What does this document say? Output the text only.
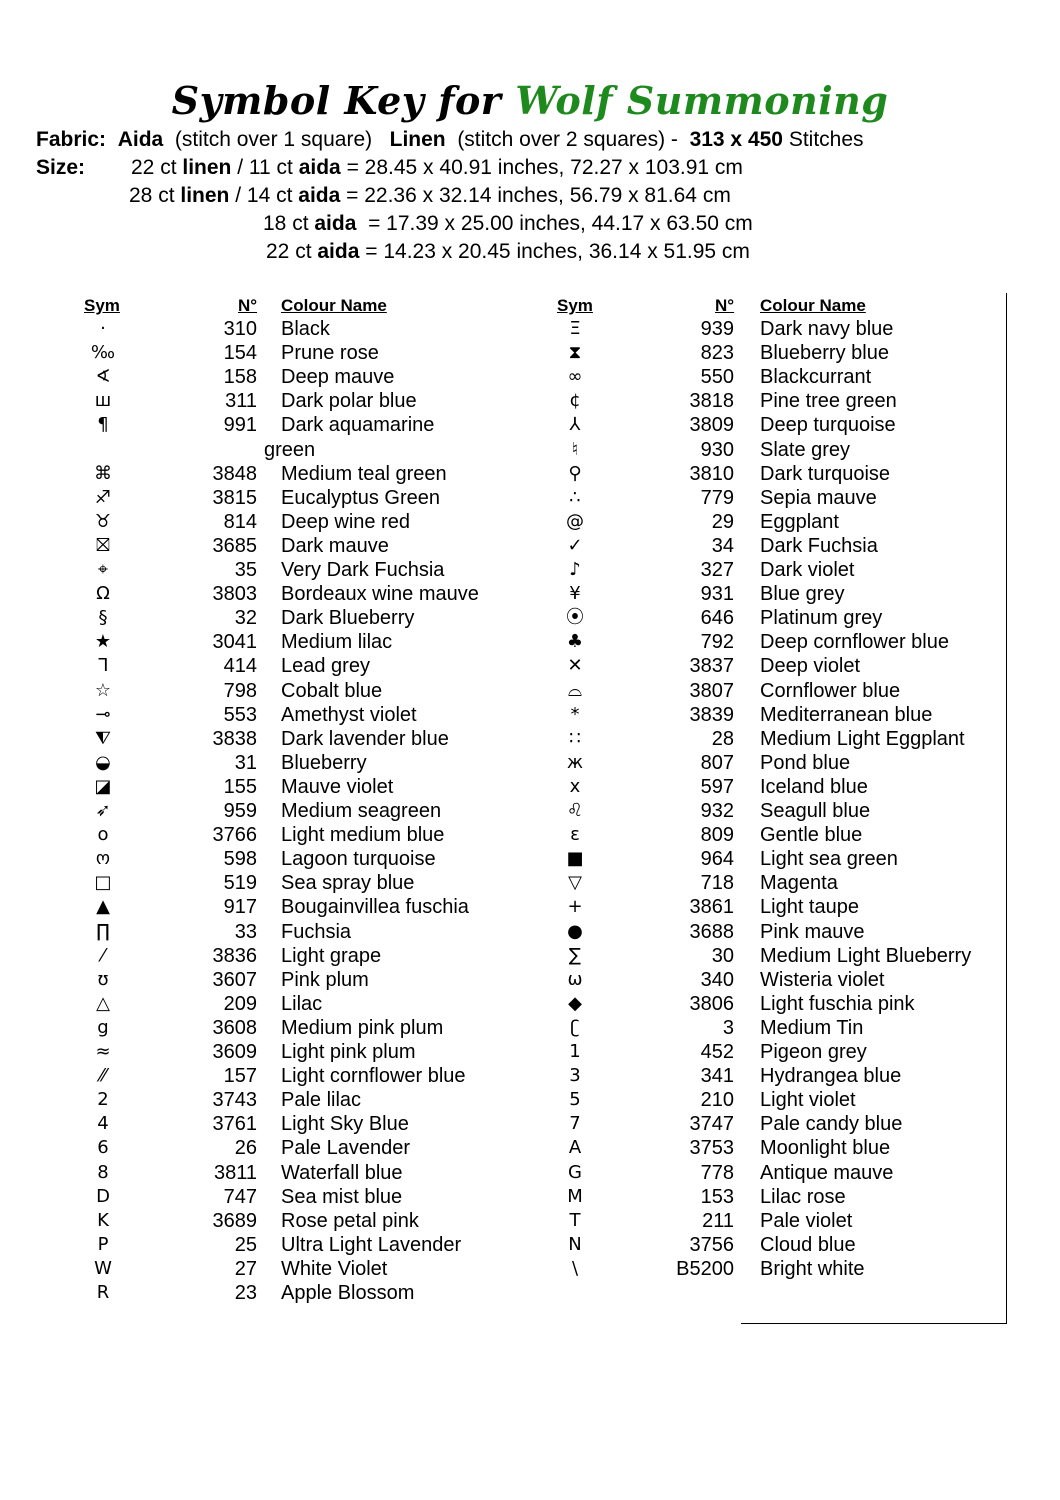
Symbol Key for Wolf Summoning
Fabric: Aida (stitch over 1 square) Linen (stitch over 2 squares) - 313 x 450 Stitches
Size: 22 ct linen / 11 ct aida = 28.45 x 40.91 inches, 72.27 x 103.91 cm
28 ct linen / 14 ct aida = 22.36 x 32.14 inches, 56.79 x 81.64 cm
18 ct aida  = 17.39 x 25.00 inches, 44.17 x 63.50 cm
22 ct aida = 14.23 x 20.45 inches, 36.14 x 51.95 cm
Sym	N° Colour Name	Sym	N° Colour Name
·	310 Black
‰	154 Prune rose
∢	158 Deep mauve
ш	311 Dark polar blue
¶	991 Dark aquamarine
green
⌘	3848 Medium teal green
♐	3815 Eucalyptus Green
♉	814 Deep wine red
⛝	3685 Dark mauve
⌖	35 Very Dark Fuchsia
Ω	3803 Bordeaux wine mauve
§	32 Dark Blueberry
★	3041 Medium lilac
ᒣ	414 Lead grey
☆	798 Cobalt blue
⊸	553 Amethyst violet
⧨	3838 Dark lavender blue
◒	31 Blueberry
◪	155 Mauve violet
➶	959 Medium seagreen
o	3766 Light medium blue
ო	598 Lagoon turquoise
□	519 Sea spray blue
▲	917 Bougainvillea fuschia
∏	33 Fuchsia
⁄	3836 Light grape
ʊ	3607 Pink plum
△	209 Lilac
g	3608 Medium pink plum
≈	3609 Light pink plum
⁄⁄	157 Light cornflower blue
2	3743 Pale lilac
4	3761 Light Sky Blue
6	26 Pale Lavender
8	3811 Waterfall blue
D	747 Sea mist blue
K	3689 Rose petal pink
P	25 Ultra Light Lavender
W	27 White Violet
R	23 Apple Blossom
Ξ	939 Dark navy blue
⧗	823 Blueberry blue
∞	550 Blackcurrant
¢	3818 Pine tree green
⅄	3809 Deep turquoise
♮	930 Slate grey
⚲	3810 Dark turquoise
∴	779 Sepia mauve
@	29 Eggplant
✓	34 Dark Fuchsia
♪	327 Dark violet
¥	931 Blue grey
⦿	646 Platinum grey
♣	792 Deep cornflower blue
✕	3837 Deep violet
⌓	3807 Cornflower blue
*	3839 Mediterranean blue
∷	28 Medium Light Eggplant
ж	807 Pond blue
x	597 Iceland blue
♌	932 Seagull blue
ε	809 Gentle blue
■	964 Light sea green
▽	718 Magenta
+	3861 Light taupe
●	3688 Pink mauve
∑	30 Medium Light Blueberry
ω	340 Wisteria violet
◆	3806 Light fuschia pink
ʗ	3 Medium Tin
1	452 Pigeon grey
3	341 Hydrangea blue
5	210 Light violet
7	3747 Pale candy blue
A	3753 Moonlight blue
G	778 Antique mauve
M	153 Lilac rose
T	211 Pale violet
N	3756 Cloud blue
\	B5200 Bright white
